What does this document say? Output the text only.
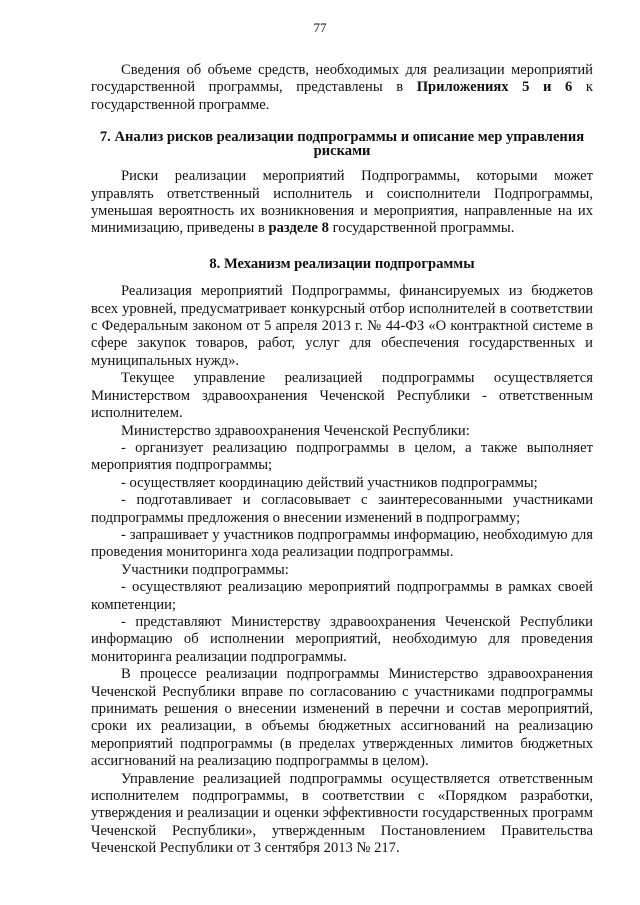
77

Сведения об объеме средств, необходимых для реализации мероприятий государственной программы, представлены в Приложениях 5 и 6 к государственной программе.

7. Анализ рисков реализации подпрограммы и описание мер управления рисками

Риски реализации мероприятий Подпрограммы, которыми может управлять ответственный исполнитель и соисполнители Подпрограммы, уменьшая вероятность их возникновения и мероприятия, направленные на их минимизацию, приведены в разделе 8 государственной программы.

8. Механизм реализации подпрограммы

Реализация мероприятий Подпрограммы, финансируемых из бюджетов всех уровней, предусматривает конкурсный отбор исполнителей в соответствии с Федеральным законом от 5 апреля 2013 г. № 44-ФЗ «О контрактной системе в сфере закупок товаров, работ, услуг для обеспечения государственных и муниципальных нужд».

Текущее управление реализацией подпрограммы осуществляется Министерством здравоохранения Чеченской Республики - ответственным исполнителем.

Министерство здравоохранения Чеченской Республики:

- организует реализацию подпрограммы в целом, а также выполняет мероприятия подпрограммы;

- осуществляет координацию действий участников подпрограммы;

- подготавливает и согласовывает с заинтересованными участниками подпрограммы предложения о внесении изменений в подпрограмму;

- запрашивает у участников подпрограммы информацию, необходимую для проведения мониторинга хода реализации подпрограммы.

Участники подпрограммы:

- осуществляют реализацию мероприятий подпрограммы в рамках своей компетенции;

- представляют Министерству здравоохранения Чеченской Республики информацию об исполнении мероприятий, необходимую для проведения мониторинга реализации подпрограммы.

В процессе реализации подпрограммы Министерство здравоохранения Чеченской Республики вправе по согласованию с участниками подпрограммы принимать решения о внесении изменений в перечни и состав мероприятий, сроки их реализации, в объемы бюджетных ассигнований на реализацию мероприятий подпрограммы (в пределах утвержденных лимитов бюджетных ассигнований на реализацию подпрограммы в целом).

Управление реализацией подпрограммы осуществляется ответственным исполнителем подпрограммы, в соответствии с «Порядком разработки, утверждения и реализации и оценки эффективности государственных программ Чеченской Республики», утвержденным Постановлением Правительства Чеченской Республики от 3 сентября 2013 № 217.
